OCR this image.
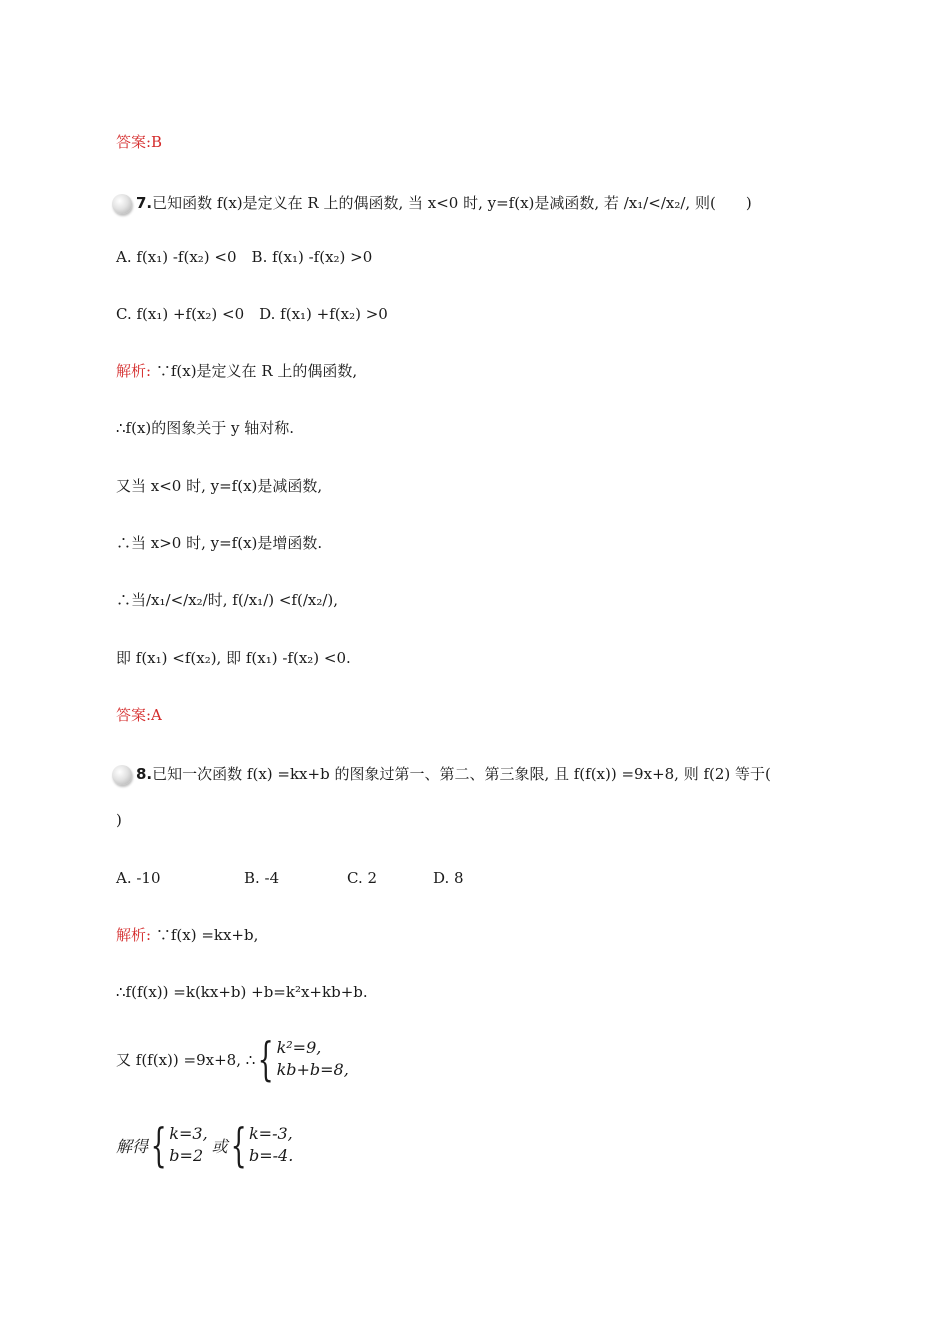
答案:B
7.已知函数 f(x)是定义在 R 上的偶函数, 当 x<0 时, y=f(x)是减函数, 若 /x₁/</x₂/, 则(　　)
A. f(x₁) -f(x₂) <0　B. f(x₁) -f(x₂) >0
C. f(x₁) +f(x₂) <0　D. f(x₁) +f(x₂) >0
解析: ∵f(x)是定义在 R 上的偶函数,
∴f(x)的图象关于 y 轴对称.
又当 x<0 时, y=f(x)是减函数,
∴当 x>0 时, y=f(x)是增函数.
∴当/x₁/</x₂/时, f(/x₁/) <f(/x₂/),
即 f(x₁) <f(x₂), 即 f(x₁) -f(x₂) <0.
答案:A
8.已知一次函数 f(x) =kx+b 的图象过第一、第二、第三象限, 且 f(f(x)) =9x+8, 则 f(2) 等于(
)
A. -10	B. -4	C. 2	D. 8
解析: ∵f(x) =kx+b,
∴f(f(x)) =k(kx+b) +b=k²x+kb+b.
又 f(f(x)) =9x+8, ∴ { k²=9,
kb+b=8,
解得 { k=3,
b=2 或 { k=-3,
b=-4.
